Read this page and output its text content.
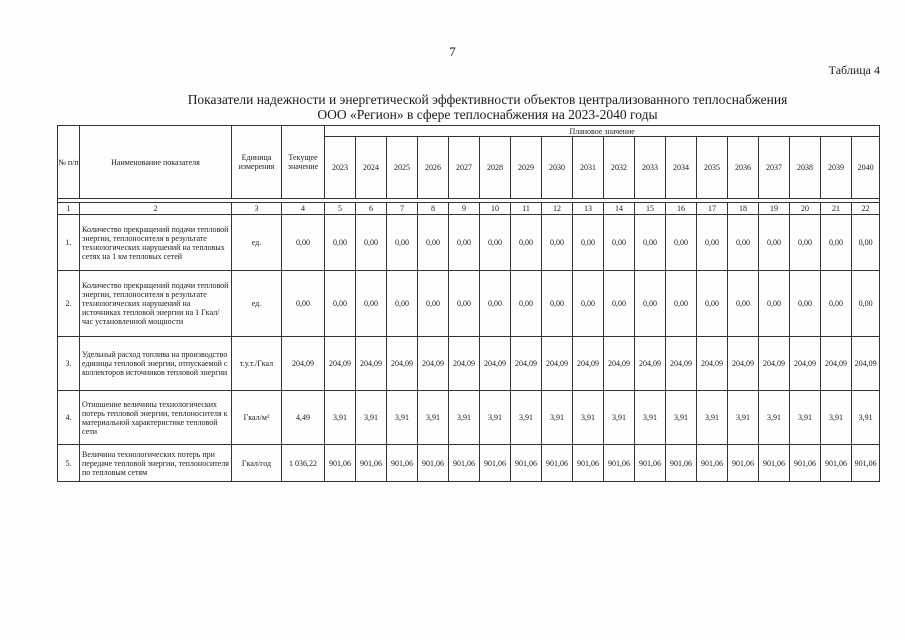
7
Таблица 4
Показатели надежности и энергетической эффективности объектов централизованного теплоснабжения
ООО «Регион» в сфере теплоснабжения на 2023-2040 годы
№ п/п	Наименование показателя	Единица измерения	Текущее значение	Плановое значение																	
				2023	2024	2025	2026	2027	2028	2029	2030	2031	2032	2033	2034	2035	2036	2037	2038	2039	2040

1	2	3	4	5	6	7	8	9	10	11	12	13	14	15	16	17	18	19	20	21	22
1.	Количество прекращений подачи тепловой энергии, теплоносителя в результате технологических нарушений на тепловых сетях на 1 км тепловых сетей	ед.	0,00	0,00	0,00	0,00	0,00	0,00	0,00	0,00	0,00	0,00	0,00	0,00	0,00	0,00	0,00	0,00	0,00	0,00	0,00
2.	Количество прекращений подачи тепловой энергии, теплоносителя в результате технологических нарушений на источниках тепловой энергии на 1 Гкал/час установленной мощности	ед.	0,00	0,00	0,00	0,00	0,00	0,00	0,00	0,00	0,00	0,00	0,00	0,00	0,00	0,00	0,00	0,00	0,00	0,00	0,00
3.	Удельный расход топлива на производство единицы тепловой энергии, отпускаемой с коллекторов источников тепловой энергии	т.у.т./Гкал	204,09	204,09	204,09	204,09	204,09	204,09	204,09	204,09	204,09	204,09	204,09	204,09	204,09	204,09	204,09	204,09	204,09	204,09	204,09
4.	Отношение величины технологических потерь тепловой энергии, теплоносителя к материальной характеристике тепловой сети	Гкал/м²	4,49	3,91	3,91	3,91	3,91	3,91	3,91	3,91	3,91	3,91	3,91	3,91	3,91	3,91	3,91	3,91	3,91	3,91	3,91
5.	Величина технологических потерь при передаче тепловой энергии, теплоносителя по тепловым сетям	Гкал/год	1 036,22	901,06	901,06	901,06	901,06	901,06	901,06	901,06	901,06	901,06	901,06	901,06	901,06	901,06	901,06	901,06	901,06	901,06	901,06
